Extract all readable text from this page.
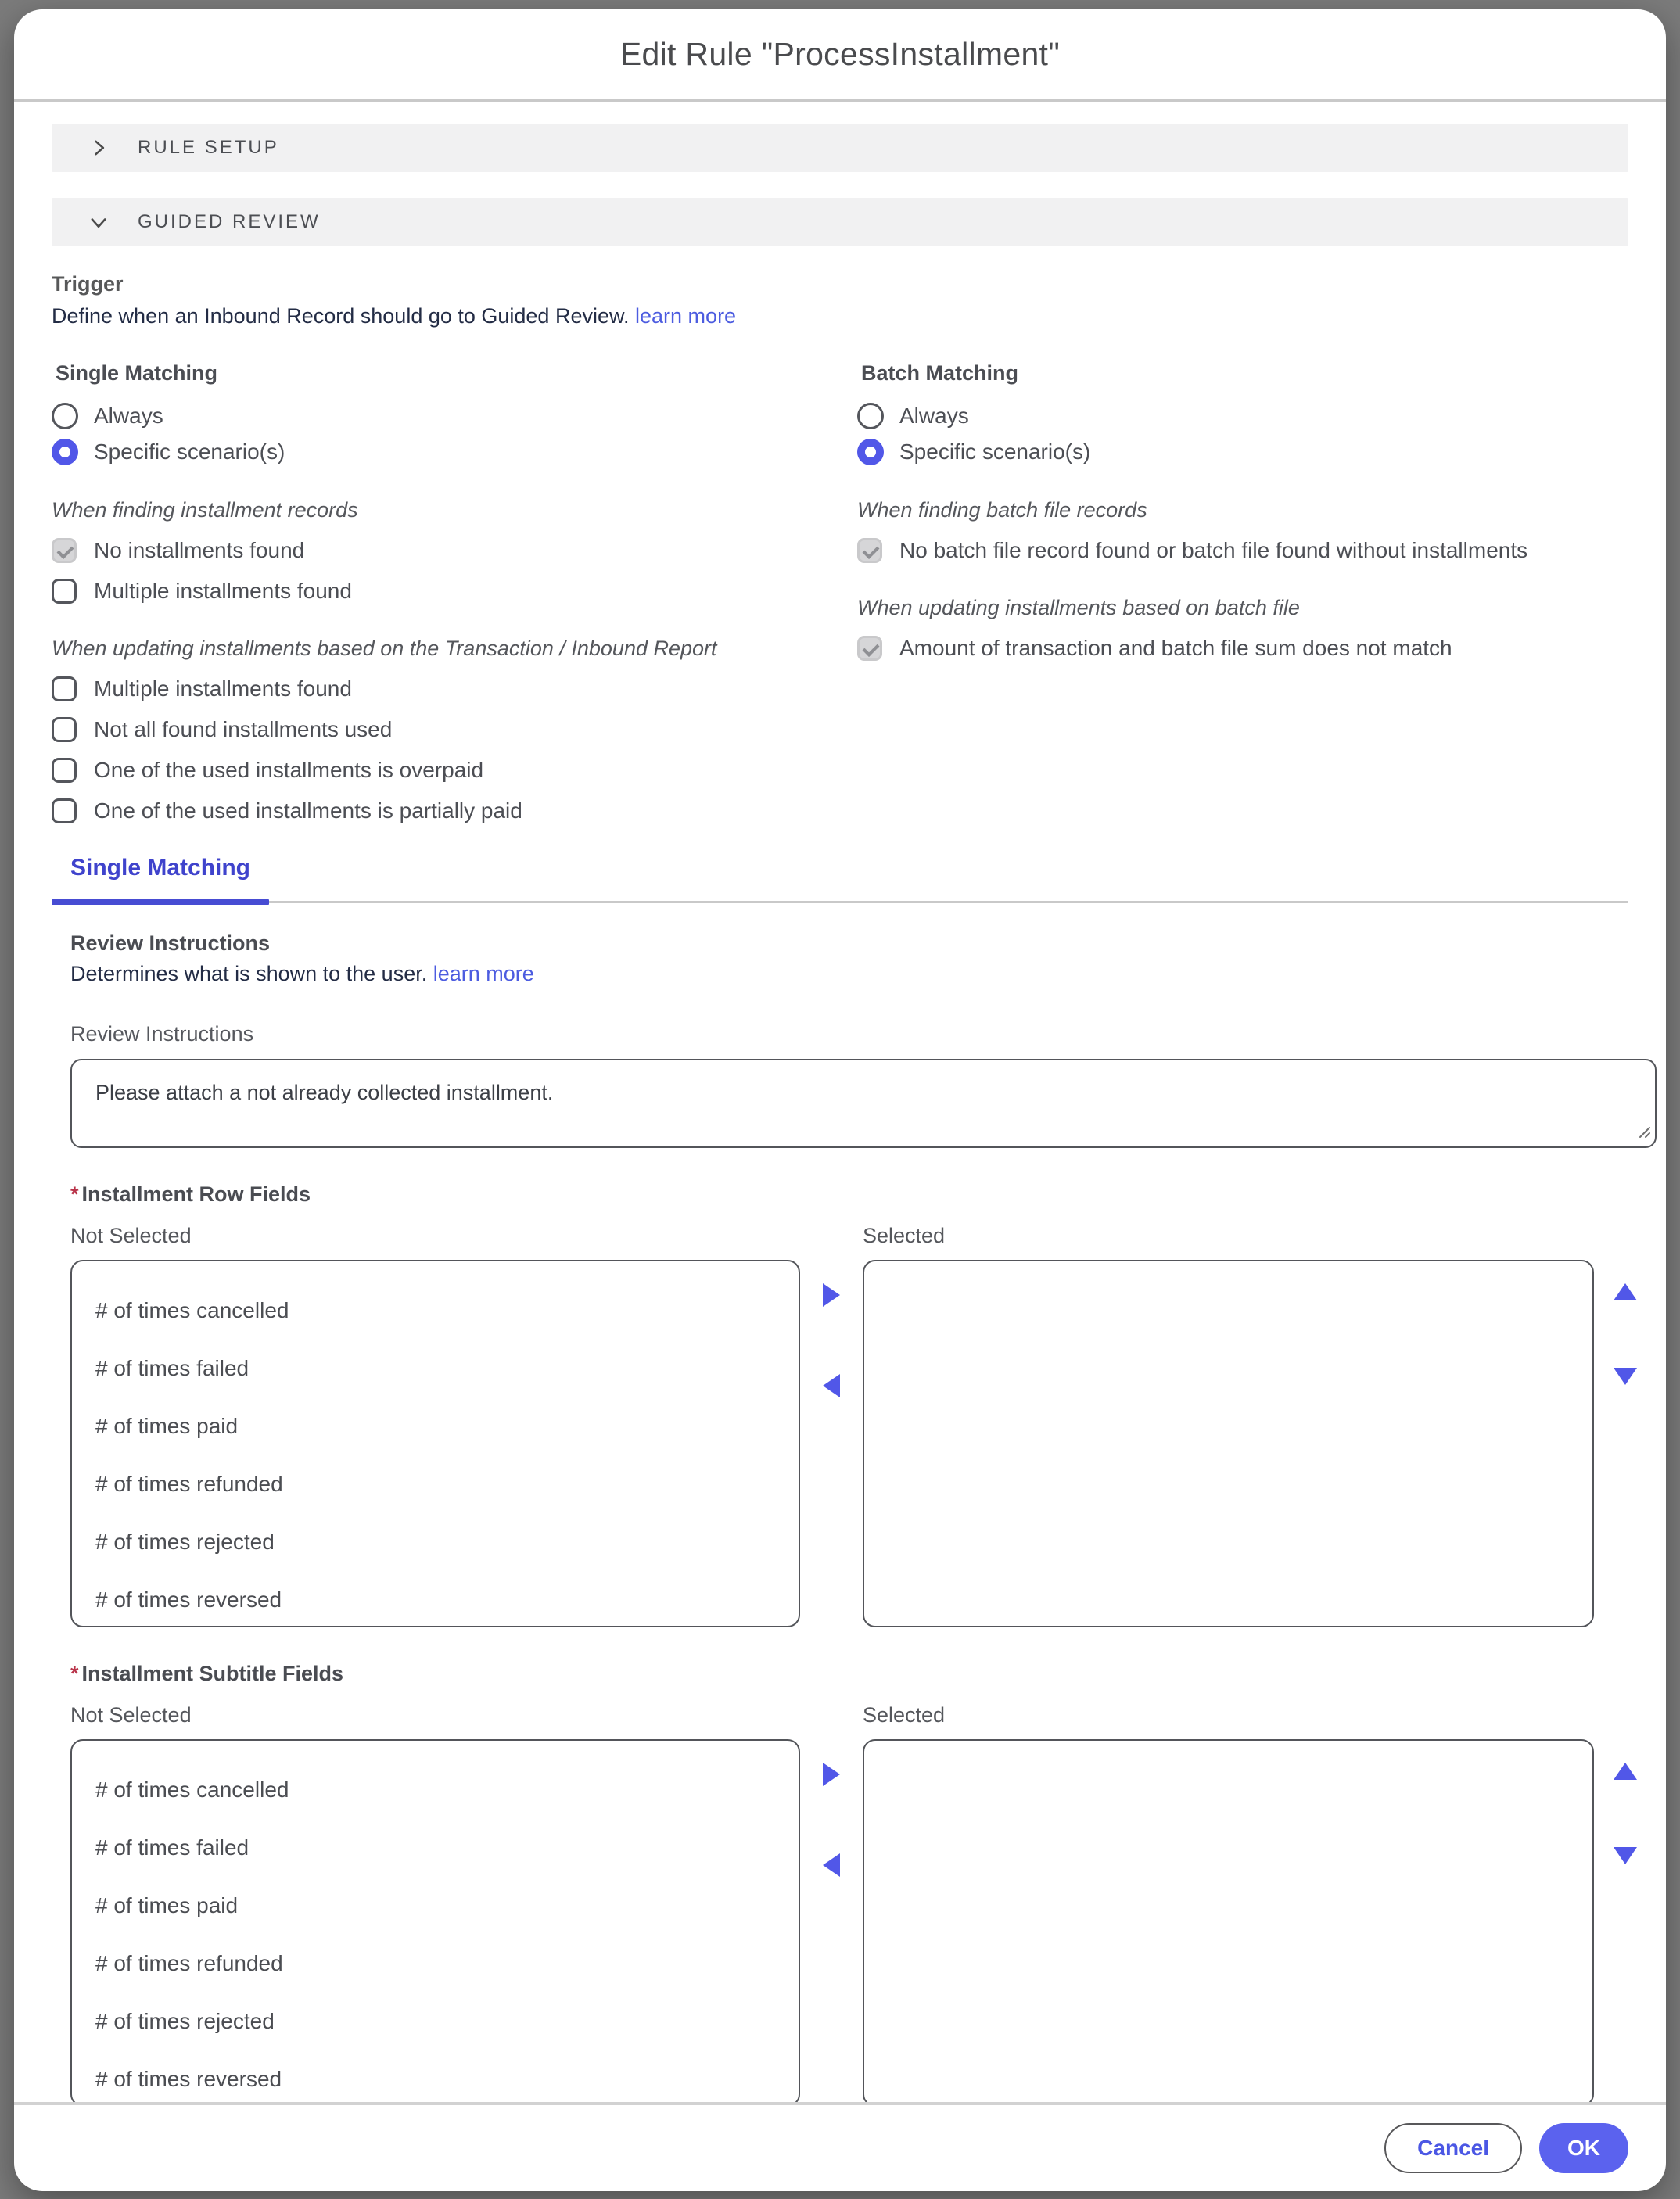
Edit Rule "ProcessInstallment"
RULE SETUP
GUIDED REVIEW
Trigger
Define when an Inbound Record should go to Guided Review. learn more
Single Matching
Always
Specific scenario(s)
When finding installment records
No installments found
Multiple installments found
When updating installments based on the Transaction / Inbound Report
Multiple installments found
Not all found installments used
One of the used installments is overpaid
One of the used installments is partially paid
Batch Matching
Always
Specific scenario(s)
When finding batch file records
No batch file record found or batch file found without installments
When updating installments based on batch file
Amount of transaction and batch file sum does not match
Single Matching
Review Instructions
Determines what is shown to the user. learn more
Review Instructions
Please attach a not already collected installment.
* Installment Row Fields
Not Selected
# of times cancelled
# of times failed
# of times paid
# of times refunded
# of times rejected
# of times reversed
Selected
* Installment Subtitle Fields
Not Selected
# of times cancelled
# of times failed
# of times paid
# of times refunded
# of times rejected
# of times reversed
Selected
Cancel	OK
